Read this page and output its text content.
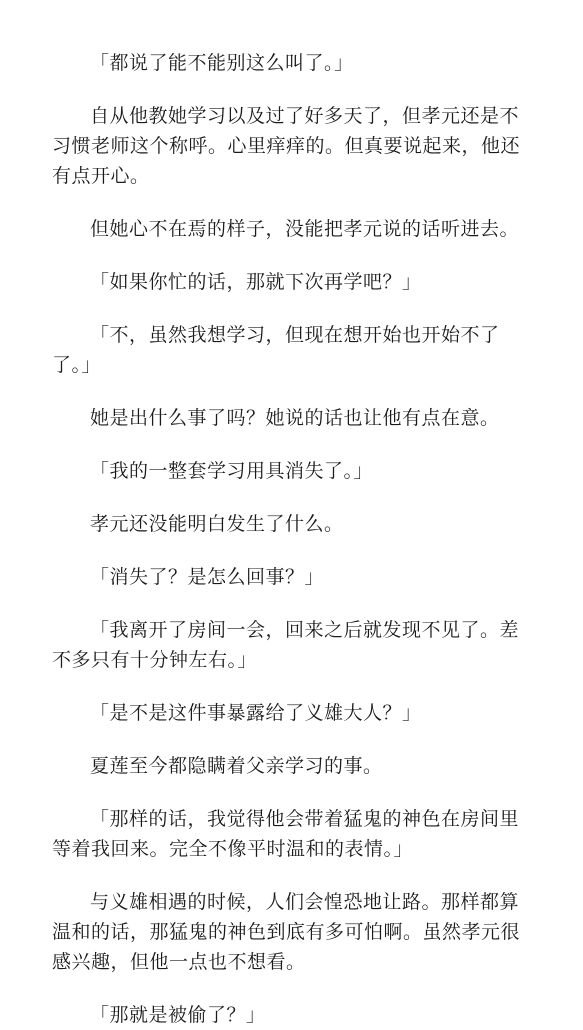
「都说了能不能别这么叫了。」

自从他教她学习以及过了好多天了，但孝元还是不习惯老师这个称呼。心里痒痒的。但真要说起来，他还有点开心。

但她心不在焉的样子，没能把孝元说的话听进去。

「如果你忙的话，那就下次再学吧？」

「不，虽然我想学习，但现在想开始也开始不了了。」

她是出什么事了吗？她说的话也让他有点在意。

「我的一整套学习用具消失了。」

孝元还没能明白发生了什么。

「消失了？是怎么回事？」

「我离开了房间一会，回来之后就发现不见了。差不多只有十分钟左右。」

「是不是这件事暴露给了义雄大人？」

夏莲至今都隐瞒着父亲学习的事。

「那样的话，我觉得他会带着猛鬼的神色在房间里等着我回来。完全不像平时温和的表情。」

与义雄相遇的时候，人们会惶恐地让路。那样都算温和的话，那猛鬼的神色到底有多可怕啊。虽然孝元很感兴趣，但他一点也不想看。

「那就是被偷了？」
